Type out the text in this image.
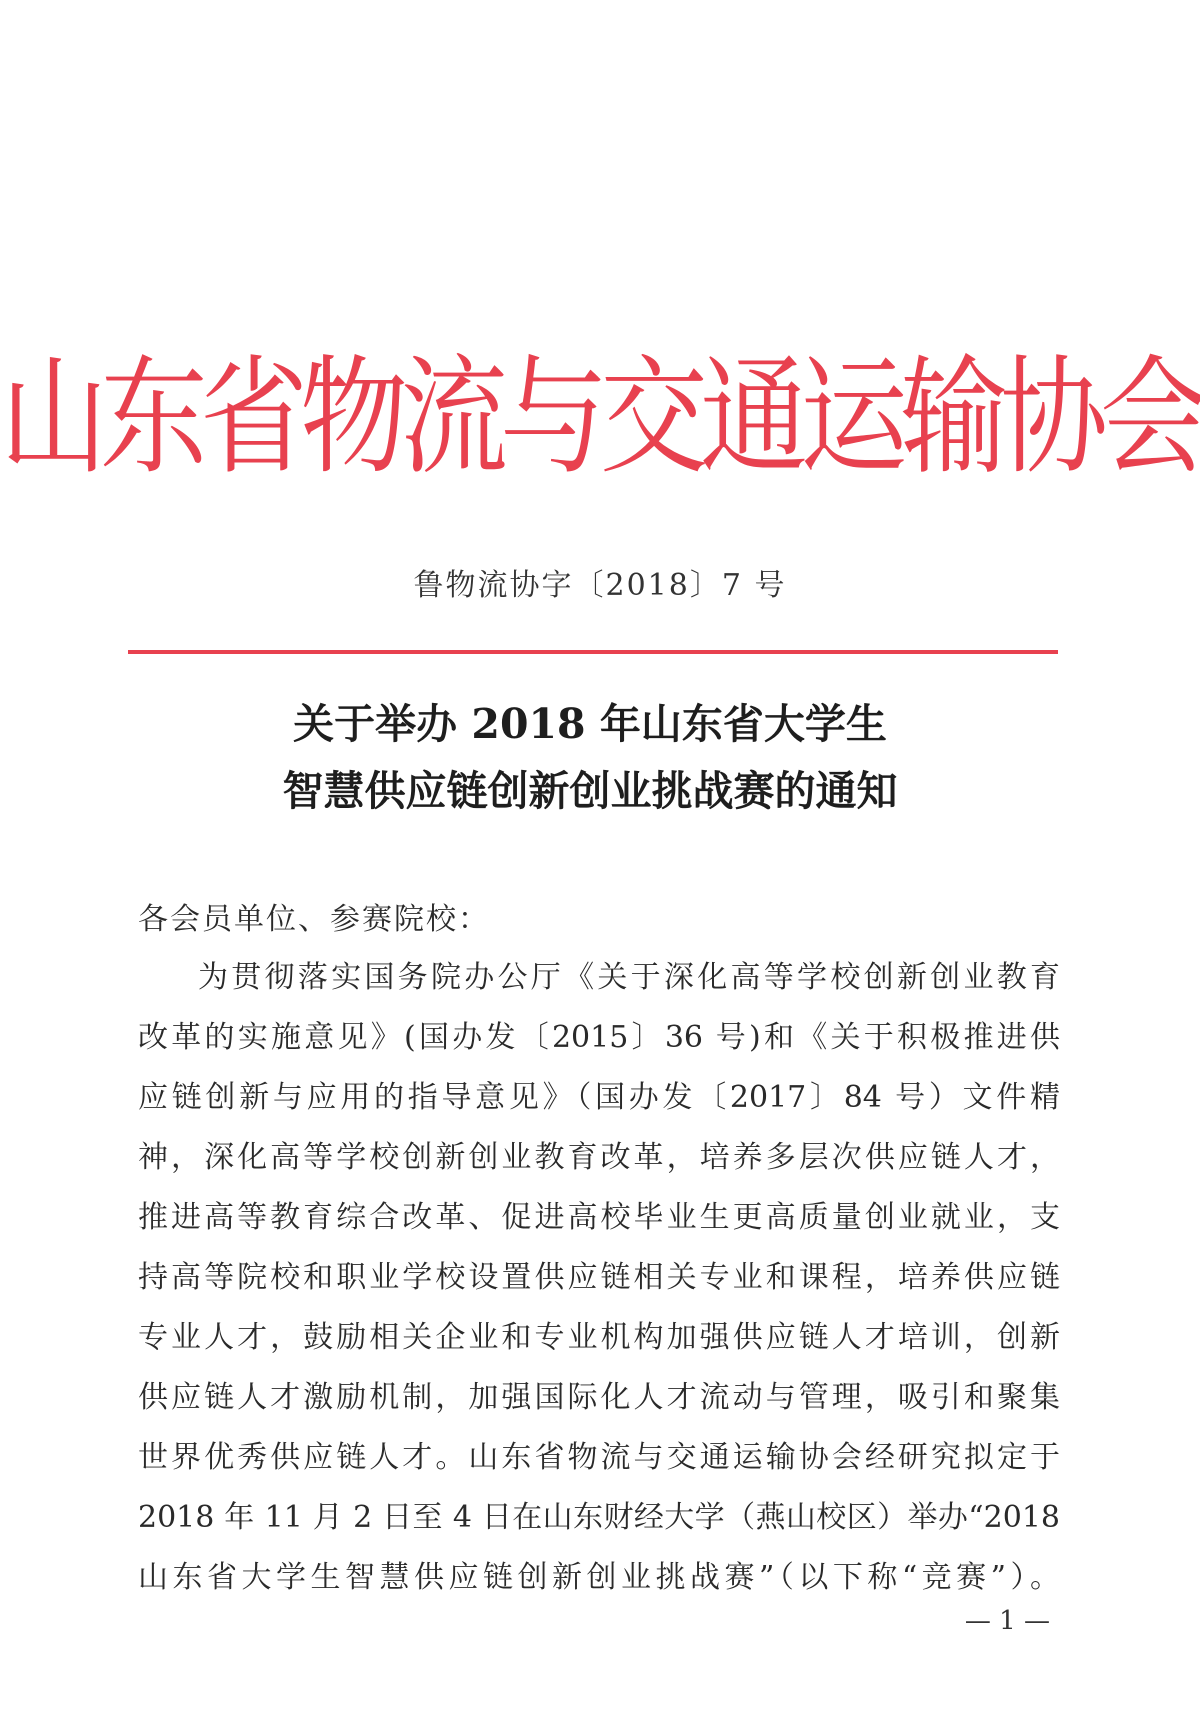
山东省物流与交通运输协会
鲁物流协字〔2018〕7 号
关于举办 2018 年山东省大学生
智慧供应链创新创业挑战赛的通知
各会员单位、参赛院校：
为贯彻落实国务院办公厅《关于深化高等学校创新创业教育
改革的实施意见》(国办发〔2015〕36 号)和《关于积极推进供
应链创新与应用的指导意见》（国办发〔2017〕84 号）文件精
神，深化高等学校创新创业教育改革，培养多层次供应链人才，
推进高等教育综合改革、促进高校毕业生更高质量创业就业，支
持高等院校和职业学校设置供应链相关专业和课程，培养供应链
专业人才，鼓励相关企业和专业机构加强供应链人才培训，创新
供应链人才激励机制，加强国际化人才流动与管理，吸引和聚集
世界优秀供应链人才。山东省物流与交通运输协会经研究拟定于
2018 年 11 月 2 日至 4 日在山东财经大学（燕山校区）举办“2018
山东省大学生智慧供应链创新创业挑战赛”（以下称“竞赛”）。
— 1 —
